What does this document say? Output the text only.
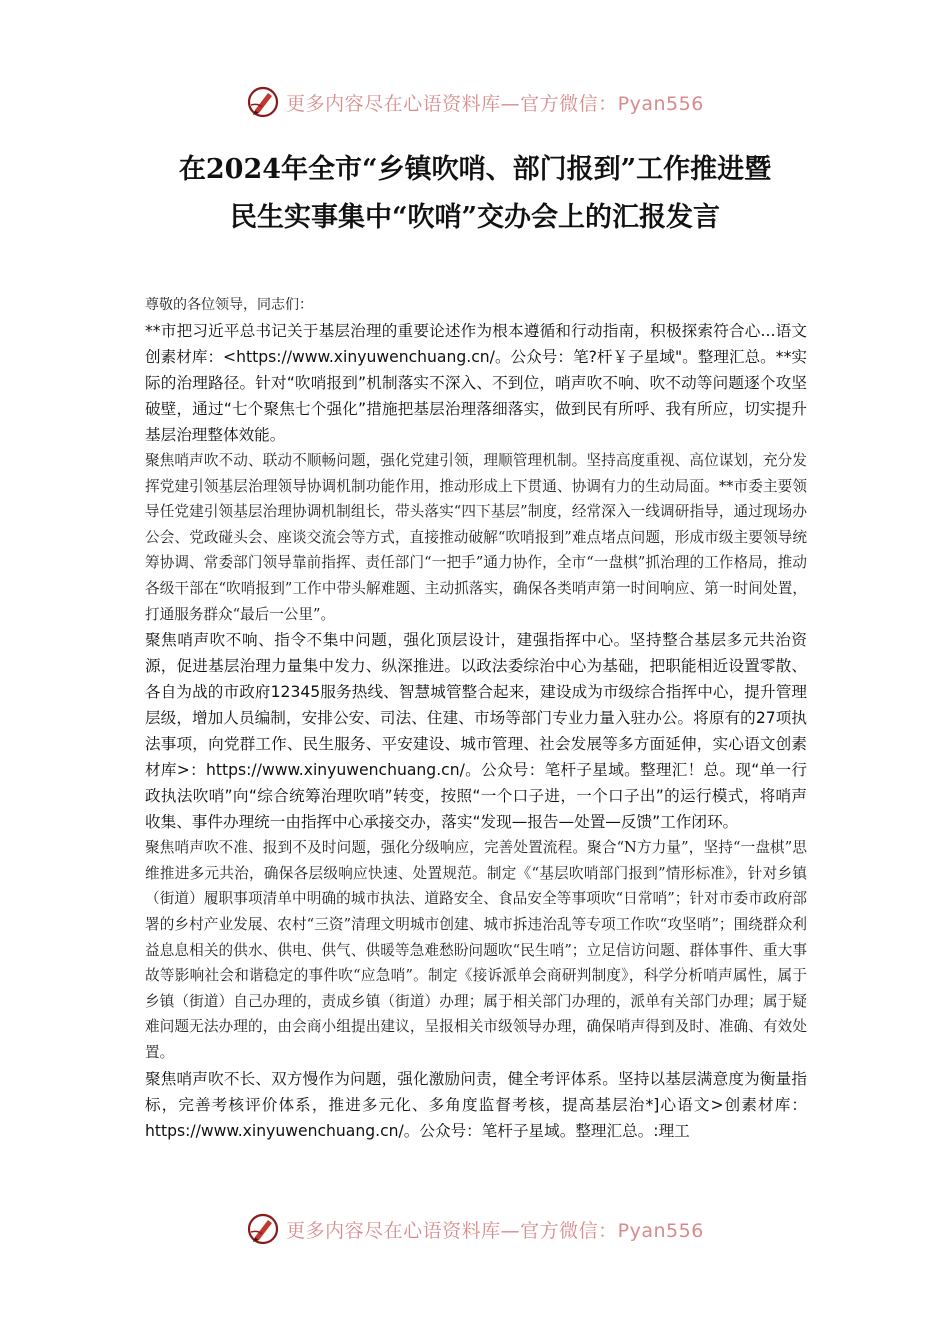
更多内容尽在心语资料库—官方微信：Pyan556
在2024年全市“乡镇吹哨、部门报到”工作推进暨
民生实事集中“吹哨”交办会上的汇报发言
尊敬的各位领导，同志们：

**市把习近平总书记关于基层治理的重要论述作为根本遵循和行动指南，积极探索符合心...语文创素材库：<https://www.xinyuwenchuang.cn/。公众号：笔?杆￥子星域"。整理汇总。**实际的治理路径。针对“吹哨报到”机制落实不深入、不到位，哨声吹不响、吹不动等问题逐个攻坚破壁，通过“七个聚焦七个强化”措施把基层治理落细落实，做到民有所呼、我有所应，切实提升基层治理整体效能。

聚焦哨声吹不动、联动不顺畅问题，强化党建引领，理顺管理机制。坚持高度重视、高位谋划，充分发挥党建引领基层治理领导协调机制功能作用，推动形成上下贯通、协调有力的生动局面。**市委主要领导任党建引领基层治理协调机制组长，带头落实“四下基层”制度，经常深入一线调研指导，通过现场办公会、党政碰头会、座谈交流会等方式，直接推动破解“吹哨报到”难点堵点问题，形成市级主要领导统筹协调、常委部门领导靠前指挥、责任部门“一把手”通力协作，全市“一盘棋”抓治理的工作格局，推动各级干部在“吹哨报到”工作中带头解难题、主动抓落实，确保各类哨声第一时间响应、第一时间处置，打通服务群众“最后一公里”。

聚焦哨声吹不响、指令不集中问题，强化顶层设计，建强指挥中心。坚持整合基层多元共治资源，促进基层治理力量集中发力、纵深推进。以政法委综治中心为基础，把职能相近设置零散、各自为战的市政府12345服务热线、智慧城管整合起来，建设成为市级综合指挥中心，提升管理层级，增加人员编制，安排公安、司法、住建、市场等部门专业力量入驻办公。将原有的27项执法事项，向党群工作、民生服务、平安建设、城市管理、社会发展等多方面延伸，实心语文创素材库>：https://www.xinyuwenchuang.cn/。公众号：笔杆子星域。整理汇！总。现“单一行政执法吹哨”向“综合统筹治理吹哨”转变，按照“一个口子进，一个口子出”的运行模式，将哨声收集、事件办理统一由指挥中心承接交办，落实“发现—报告—处置—反馈”工作闭环。

聚焦哨声吹不准、报到不及时问题，强化分级响应，完善处置流程。聚合“N方力量”，坚持“一盘棋”思维推进多元共治，确保各层级响应快速、处置规范。制定《“基层吹哨部门报到”情形标准》，针对乡镇（街道）履职事项清单中明确的城市执法、道路安全、食品安全等事项吹“日常哨”；针对市委市政府部署的乡村产业发展、农村“三资”清理文明城市创建、城市拆违治乱等专项工作吹“攻坚哨”；围绕群众利益息息相关的供水、供电、供气、供暖等急难愁盼问题吹“民生哨”；立足信访问题、群体事件、重大事故等影响社会和谐稳定的事件吹“应急哨”。制定《接诉派单会商研判制度》，科学分析哨声属性，属于乡镇（街道）自己办理的，责成乡镇（街道）办理；属于相关部门办理的，派单有关部门办理；属于疑难问题无法办理的，由会商小组提出建议，呈报相关市级领导办理，确保哨声得到及时、准确、有效处置。

聚焦哨声吹不长、双方慢作为问题，强化激励问责，健全考评体系。坚持以基层满意度为衡量指标，完善考核评价体系，推进多元化、多角度监督考核，提高基层治*]心语文>创素材库：https://www.xinyuwenchuang.cn/。公众号：笔杆子星域。整理汇总。:理工

更多内容尽在心语资料库—官方微信：Pyan556
